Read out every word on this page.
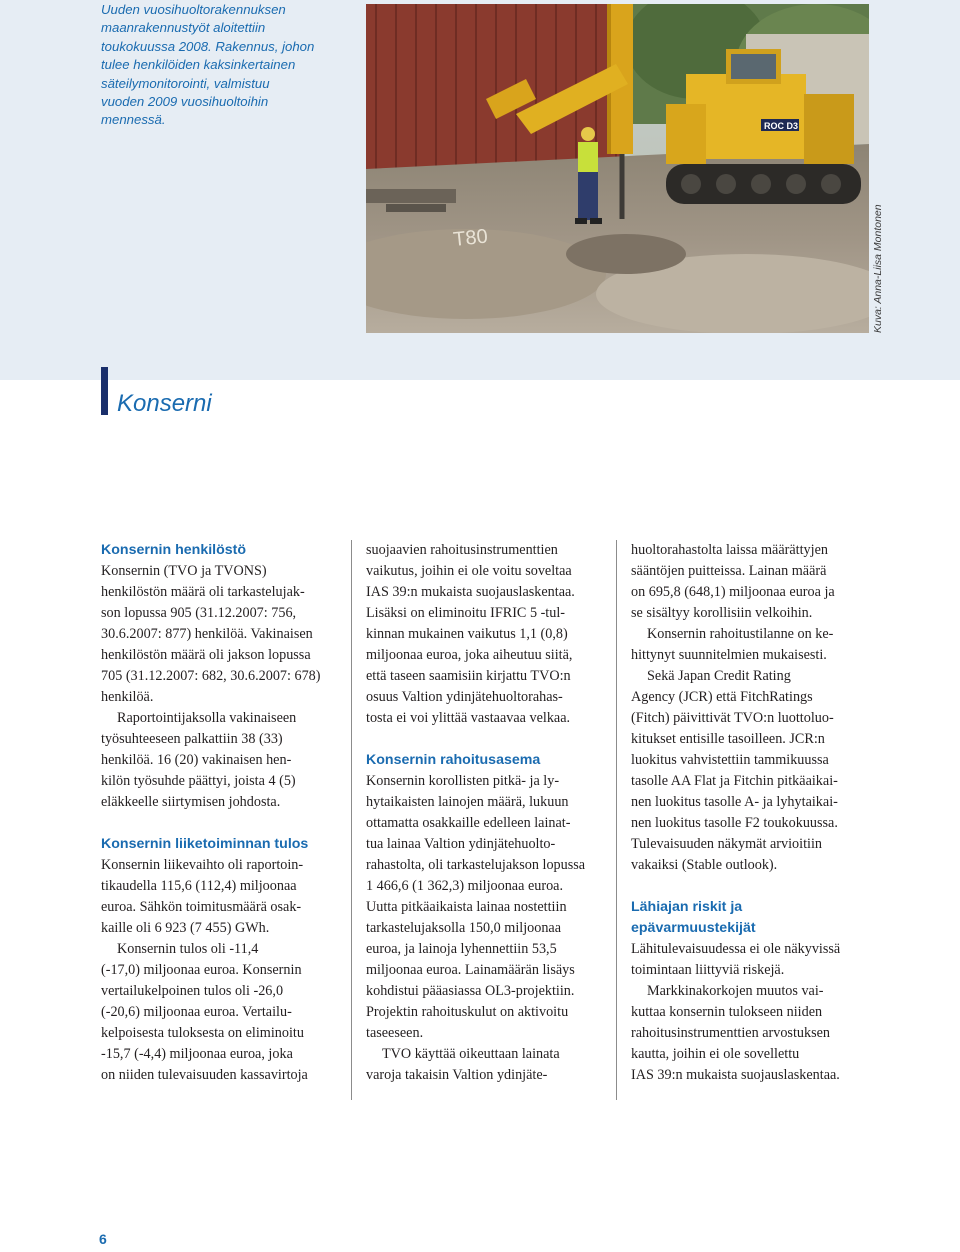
Uuden vuosihuoltorakennuksen
maanrakennustyöt aloitettiin
toukokuussa 2008. Rakennus, johon
tulee henkilöiden kaksinkertainen
säteilymonitorointi, valmistuu
vuoden 2009 vuosihuoltoihin
mennessä.	ROC D3
T80	Kuva: Anna-Liisa Montonen
Konserni
Konsernin henkilöstö

Konsernin (TVO ja TVONS)
henkilöstön määrä oli tarkastelujak-
son lopussa 905 (31.12.2007: 756,
30.6.2007: 877) henkilöä. Vakinaisen
henkilöstön määrä oli jakson lopussa
705 (31.12.2007: 682, 30.6.2007: 678)
henkilöä.

Raportointijaksolla vakinaiseen
työsuhteeseen palkattiin 38 (33)
henkilöä. 16 (20) vakinaisen hen-
kilön työsuhde päättyi, joista 4 (5)
eläkkeelle siirtymisen johdosta.

Konsernin liiketoiminnan tulos

Konsernin liikevaihto oli raportoin-
tikaudella 115,6 (112,4) miljoonaa
euroa. Sähkön toimitusmäärä osak-
kaille oli 6 923 (7 455) GWh.

Konsernin tulos oli -11,4
(-17,0) miljoonaa euroa. Konsernin
vertailukelpoinen tulos oli -26,0
(-20,6) miljoonaa euroa. Vertailu-
kelpoisesta tuloksesta on eliminoitu
-15,7 (-4,4) miljoonaa euroa, joka
on niiden tulevaisuuden kassavirtoja

suojaavien rahoitusinstrumenttien
vaikutus, joihin ei ole voitu soveltaa
IAS 39:n mukaista suojauslaskentaa.
Lisäksi on eliminoitu IFRIC 5 -tul-
kinnan mukainen vaikutus 1,1 (0,8)
miljoonaa euroa, joka aiheutuu siitä,
että taseen saamisiin kirjattu TVO:n
osuus Valtion ydinjätehuoltorahas-
tosta ei voi ylittää vastaavaa velkaa.

Konsernin rahoitusasema

Konsernin korollisten pitkä- ja ly-
hytaikaisten lainojen määrä, lukuun
ottamatta osakkaille edelleen lainat-
tua lainaa Valtion ydinjätehuolto-
rahastolta, oli tarkastelujakson lopussa
1 466,6 (1 362,3) miljoonaa euroa.
Uutta pitkäaikaista lainaa nostettiin
tarkastelujaksolla 150,0 miljoonaa
euroa, ja lainoja lyhennettiin 53,5
miljoonaa euroa. Lainamäärän lisäys
kohdistui pääasiassa OL3-projektiin.
Projektin rahoituskulut on aktivoitu
taseeseen.

TVO käyttää oikeuttaan lainata
varoja takaisin Valtion ydinjäte-

huoltorahastolta laissa määrättyjen
sääntöjen puitteissa. Lainan määrä
on 695,8 (648,1) miljoonaa euroa ja
se sisältyy korollisiin velkoihin.

Konsernin rahoitustilanne on ke-
hittynyt suunnitelmien mukaisesti.

Sekä Japan Credit Rating
Agency (JCR) että FitchRatings
(Fitch) päivittivät TVO:n luottoluo-
kitukset entisille tasoilleen. JCR:n
luokitus vahvistettiin tammikuussa
tasolle AA Flat ja Fitchin pitkäaikai-
nen luokitus tasolle A- ja lyhytaikai-
nen luokitus tasolle F2 toukokuussa.
Tulevaisuuden näkymät arvioitiin
vakaiksi (Stable outlook).

Lähiajan riskit ja
epävarmuustekijät

Lähitulevaisuudessa ei ole näkyvissä
toimintaan liittyviä riskejä.

Markkinakorkojen muutos vai-
kuttaa konsernin tulokseen niiden
rahoitusinstrumenttien arvostuksen
kautta, joihin ei ole sovellettu
IAS 39:n mukaista suojauslaskentaa.

6
